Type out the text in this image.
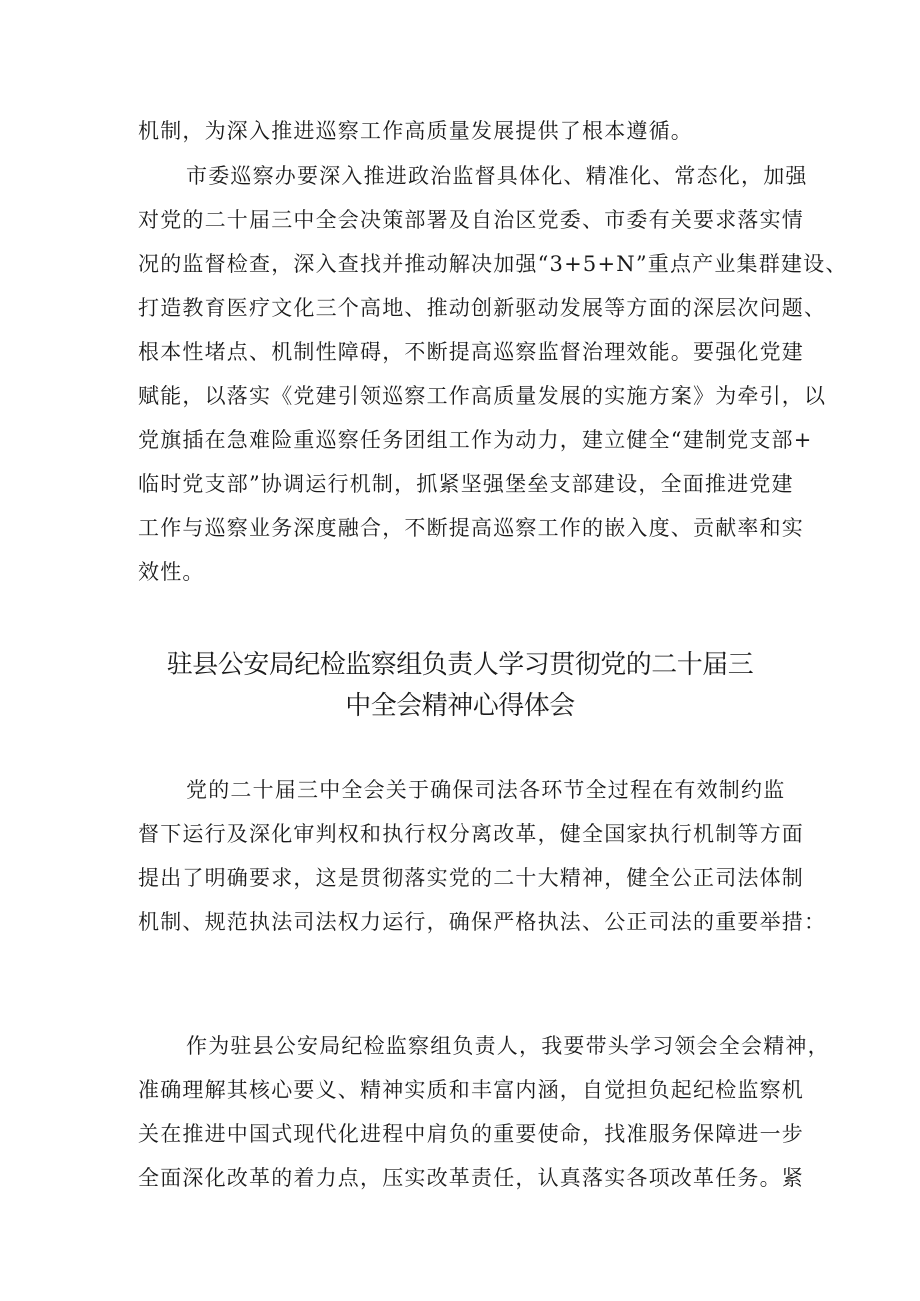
机制，为深入推进巡察工作高质量发展提供了根本遵循。
市委巡察办要深入推进政治监督具体化、精准化、常态化，加强
对党的二十届三中全会决策部署及自治区党委、市委有关要求落实情
况的监督检查，深入查找并推动解决加强“3+5+N”重点产业集群建设、
打造教育医疗文化三个高地、推动创新驱动发展等方面的深层次问题、
根本性堵点、机制性障碍，不断提高巡察监督治理效能。要强化党建
赋能，以落实《党建引领巡察工作高质量发展的实施方案》为牵引，以
党旗插在急难险重巡察任务团组工作为动力，建立健全“建制党支部+
临时党支部”协调运行机制，抓紧坚强堡垒支部建设，全面推进党建
工作与巡察业务深度融合，不断提高巡察工作的嵌入度、贡献率和实
效性。
驻县公安局纪检监察组负责人学习贯彻党的二十届三
中全会精神心得体会
党的二十届三中全会关于确保司法各环节全过程在有效制约监
督下运行及深化审判权和执行权分离改革，健全国家执行机制等方面
提出了明确要求，这是贯彻落实党的二十大精神，健全公正司法体制
机制、规范执法司法权力运行，确保严格执法、公正司法的重要举措：
作为驻县公安局纪检监察组负责人，我要带头学习领会全会精神，
准确理解其核心要义、精神实质和丰富内涵，自觉担负起纪检监察机
关在推进中国式现代化进程中肩负的重要使命，找准服务保障进一步
全面深化改革的着力点，压实改革责任，认真落实各项改革任务。紧
